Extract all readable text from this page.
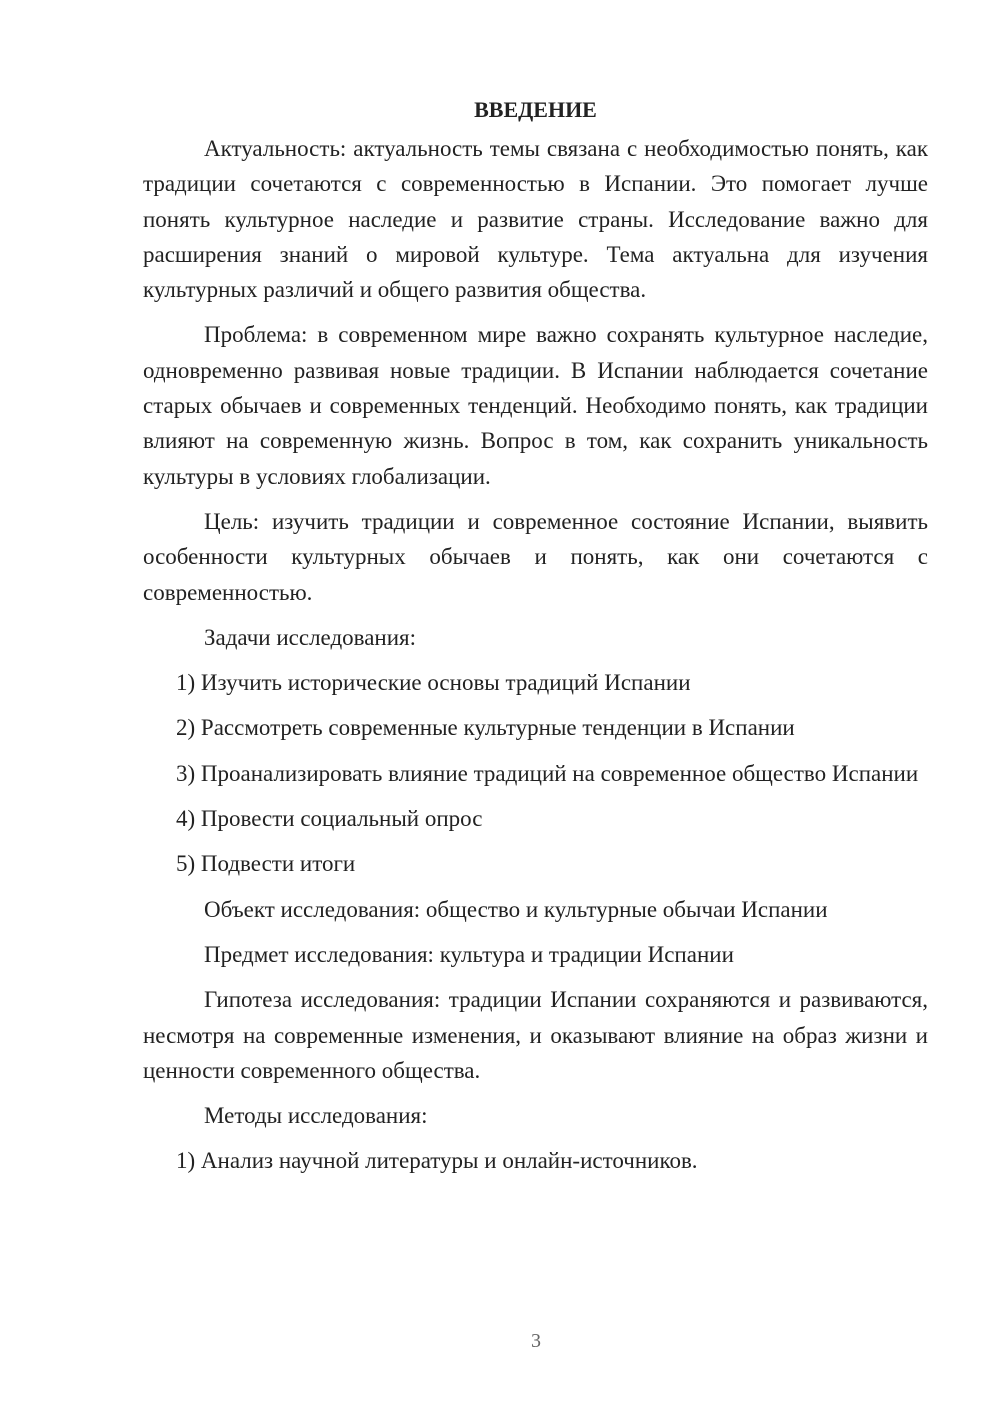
ВВЕДЕНИЕ

Актуальность: актуальность темы связана с необходимостью понять, как традиции сочетаются с современностью в Испании. Это помогает лучше понять культурное наследие и развитие страны. Исследование важно для расширения знаний о мировой культуре. Тема актуальна для изучения культурных различий и общего развития общества.

Проблема: в современном мире важно сохранять культурное наследие, одновременно развивая новые традиции. В Испании наблюдается сочетание старых обычаев и современных тенденций. Необходимо понять, как традиции влияют на современную жизнь. Вопрос в том, как сохранить уникальность культуры в условиях глобализации.

Цель: изучить традиции и современное состояние Испании, выявить особенности культурных обычаев и понять, как они сочетаются с современностью.

Задачи исследования:

1) Изучить исторические основы традиций Испании

2) Рассмотреть современные культурные тенденции в Испании

3) Проанализировать влияние традиций на современное общество Испании

4) Провести социальный опрос

5) Подвести итоги

Объект исследования: общество и культурные обычаи Испании

Предмет исследования: культура и традиции Испании

Гипотеза исследования: традиции Испании сохраняются и развиваются, несмотря на современные изменения, и оказывают влияние на образ жизни и ценности современного общества.

Методы исследования:

1) Анализ научной литературы и онлайн-источников.

3
